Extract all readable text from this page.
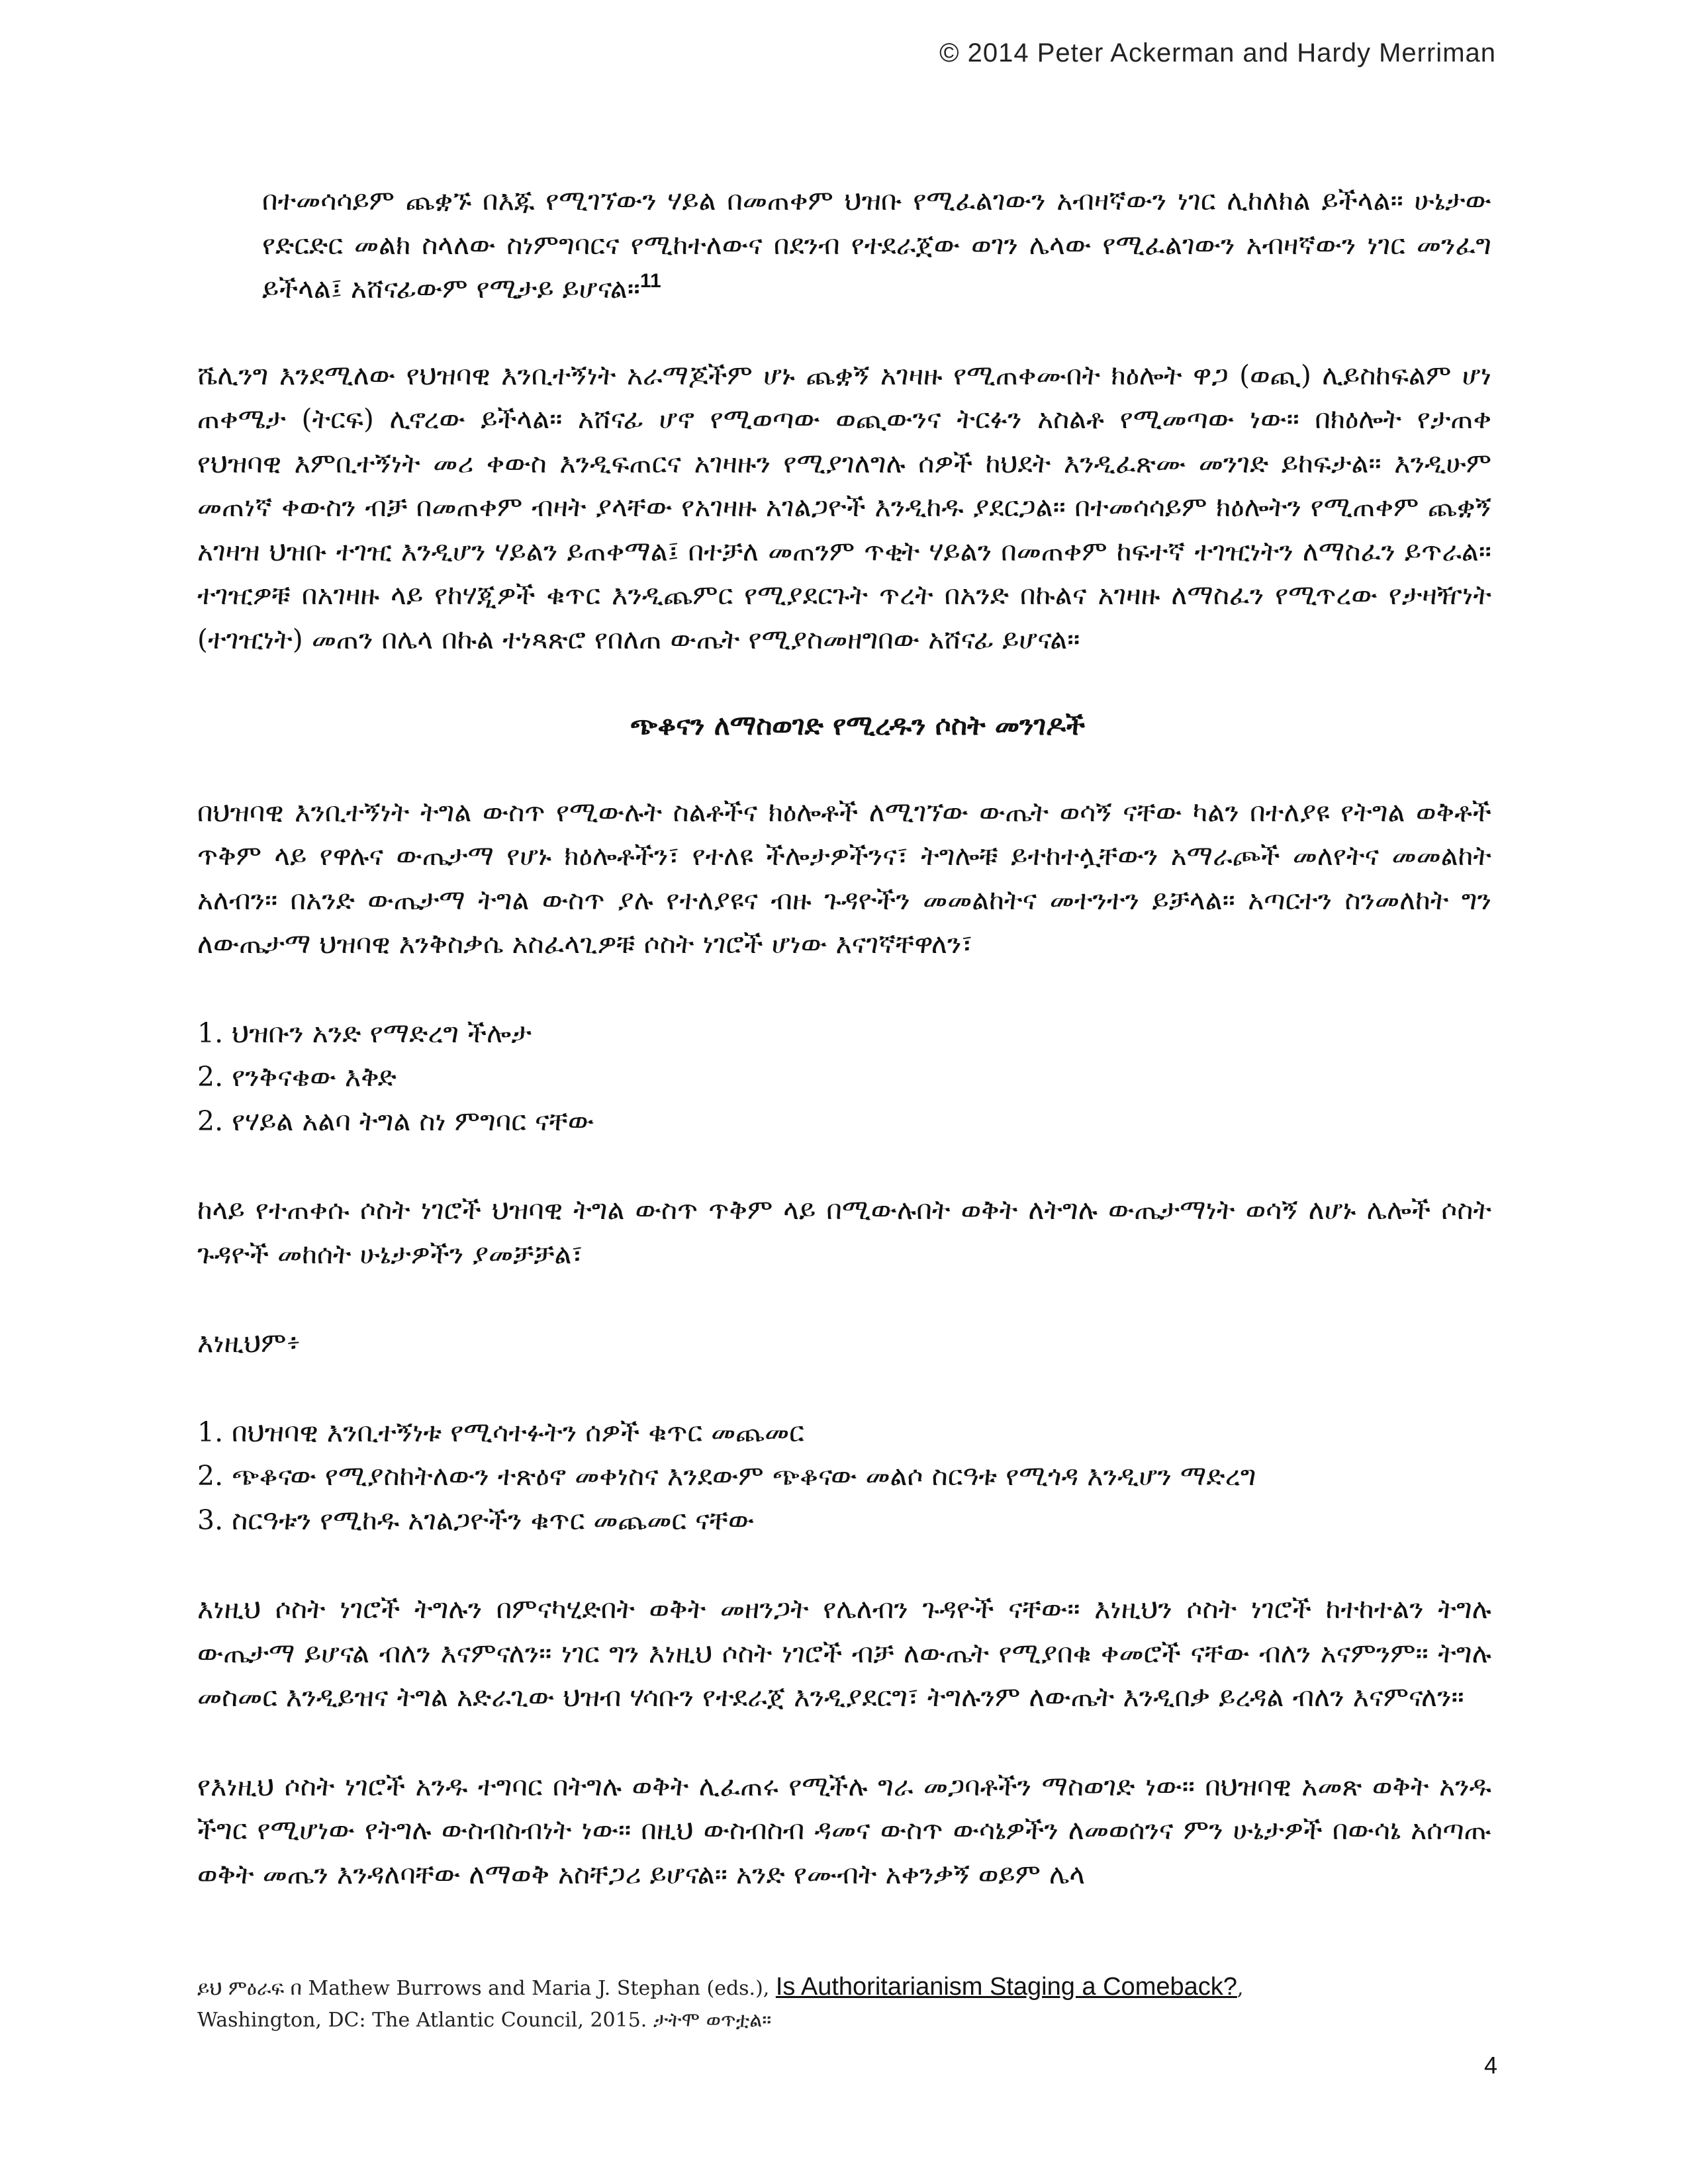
© 2014 Peter Ackerman and Hardy Merriman

በተመሳሳይም ጨቋኙ በእጁ የሚገኘውን ሃይል በመጠቀም ህዝቡ የሚፈልገውን አብዛኛውን ነገር ሊከለክል ይችላል። ሁኔታው የድርድር መልክ ስላለው ስነምግባርና የሚከተለውና በደንብ የተደራጀው ወገን ሌላው የሚፈልገውን አብዛኛውን ነገር መንፈግ ይችላል፤ አሸናፊውም የሚታይ ይሆናል።$^{11}$

ሼሊንግ እንደሚለው የህዝባዊ እንቢተኝነት አራማጆችም ሆኑ ጨቋኝ አገዛዙ የሚጠቀሙበት ክዕሎት ዋጋ (ወጪ) ሊይስከፍልም ሆነ ጠቀሜታ (ትርፍ) ሊኖረው ይችላል። አሸናፊ ሆኖ የሚወጣው ወጪውንና ትርፉን አስልቶ የሚመጣው ነው። በክዕሎት የታጠቀ የህዝባዊ እምቢተኝነት መሪ ቀውስ እንዲፍጠርና አገዛዙን የሚያገለግሉ ሰዎች ከህደት እንዲፈጽሙ መንገድ ይከፍታል። እንዲሁም መጠነኛ ቀውስን ብቻ በመጠቀም ብዛት ያላቸው የአገዛዙ አገልጋዮች እንዲከዱ ያደርጋል። በተመሳሳይም ክዕሎትን የሚጠቀም ጨቋኝ አገዛዝ ህዝቡ ተገዢ እንዲሆን ሃይልን ይጠቀማል፤ በተቻለ መጠንም ጥቂት ሃይልን በመጠቀም ከፍተኛ ተገዢነትን ለማስፈን ይጥራል። ተገዢዎቹ በአገዛዙ ላይ የከሃጂዎች ቁጥር እንዲጨምር የሚያደርጉት ጥረት በአንድ በኩልና አገዛዙ ለማስፈን የሚጥረው የታዛዥነት (ተገዢነት) መጠን በሌላ በኩል ተነጻጽሮ የበለጠ ውጤት የሚያስመዘግበው አሸናፊ ይሆናል።

ጭቆናን ለማስወገድ የሚረዱን ሶስት መንገዶች

በህዝባዊ እንቢተኝነት ትግል ውስጥ የሚውሉት ስልቶችና ክዕሎቶች ለሚገኘው ውጤት ወሳኝ ናቸው ካልን በተለያዩ የትግል ወቅቶች ጥቅም ላይ የዋሉና ውጤታማ የሆኑ ክዕሎቶችን፣ የተለዩ ችሎታዎችንና፣ ትግሎቹ ይተከተሏቸውን አማራጮች መለየትና መመልከት አለብን። በአንድ ውጤታማ ትግል ውስጥ ያሉ የተለያዩና ብዙ ጉዳዮችን መመልከትና መተንተን ይቻላል። አጣርተን ስንመለከት ግን ለውጤታማ ህዝባዊ እንቅስቃሴ አስፈላጊዎቹ ሶስት ነገሮች ሆነው እናገኛቸዋለን፣

1. ህዝቡን አንድ የማድረግ ችሎታ
2. የንቅናቄው እቅድ
2. የሃይል አልባ ትግል ስነ ምግባር ናቸው

ከላይ የተጠቀሱ ሶስት ነገሮች ህዝባዊ ትግል ውስጥ ጥቅም ላይ በሚውሉበት ወቅት ለትግሉ ውጤታማነት ወሳኝ ለሆኑ ሌሎች ሶስት ጉዳዮች መከሰት ሁኔታዎችን ያመቻቻል፣

እነዚህም፥

1. በህዝባዊ እንቢተኝነቱ የሚሳተፉትን ሰዎች ቁጥር መጨመር
2. ጭቆናው የሚያስከትለውን ተጽዕኖ መቀነስና እንደውም ጭቆናው መልሶ ስርዓቱ የሚጎዳ እንዲሆን ማድረግ
3. ስርዓቱን የሚከዱ አገልጋዮችን ቁጥር መጨመር ናቸው

እነዚህ ሶስት ነገሮች ትግሉን በምናካሂድበት ወቅት መዘንጋት የሌለብን ጉዳዮች ናቸው። እነዚህን ሶስት ነገሮች ከተከተልን ትግሉ ውጤታማ ይሆናል ብለን እናምናለን። ነገር ግን እነዚህ ሶስት ነገሮች ብቻ ለውጤት የሚያበቁ ቀመሮች ናቸው ብለን አናምንም። ትግሉ መስመር እንዲይዝና ትግል አድራጊው ህዝብ ሃሳቡን የተደራጀ እንዲያደርግ፣ ትግሉንም ለውጤት እንዲበቃ ይረዳል ብለን እናምናለን።

የእነዚህ ሶስት ነገሮች አንዱ ተግባር በትግሉ ወቅት ሊፈጠሩ የሚችሉ ግራ መጋባቶችን ማስወገድ ነው። በህዝባዊ አመጽ ወቅት አንዱ ችግር የሚሆነው የትግሉ ውስብስብነት ነው። በዚህ ውስብስብ ዳመና ውስጥ ውሳኔዎችን ለመወሰንና ምን ሁኔታዎች በውሳኔ አሰጣጡ ወቅት መጤን እንዳለባቸው ለማወቅ አስቸጋሪ ይሆናል። አንድ የሙብት አቀንቃኝ ወይም ሌላ

ይህ ምዕራፍ በ Mathew Burrows and Maria J. Stephan (eds.), Is Authoritarianism Staging a Comeback?,
Washington, DC: The Atlantic Council, 2015. ታትሞ ወጥቷል።
4
